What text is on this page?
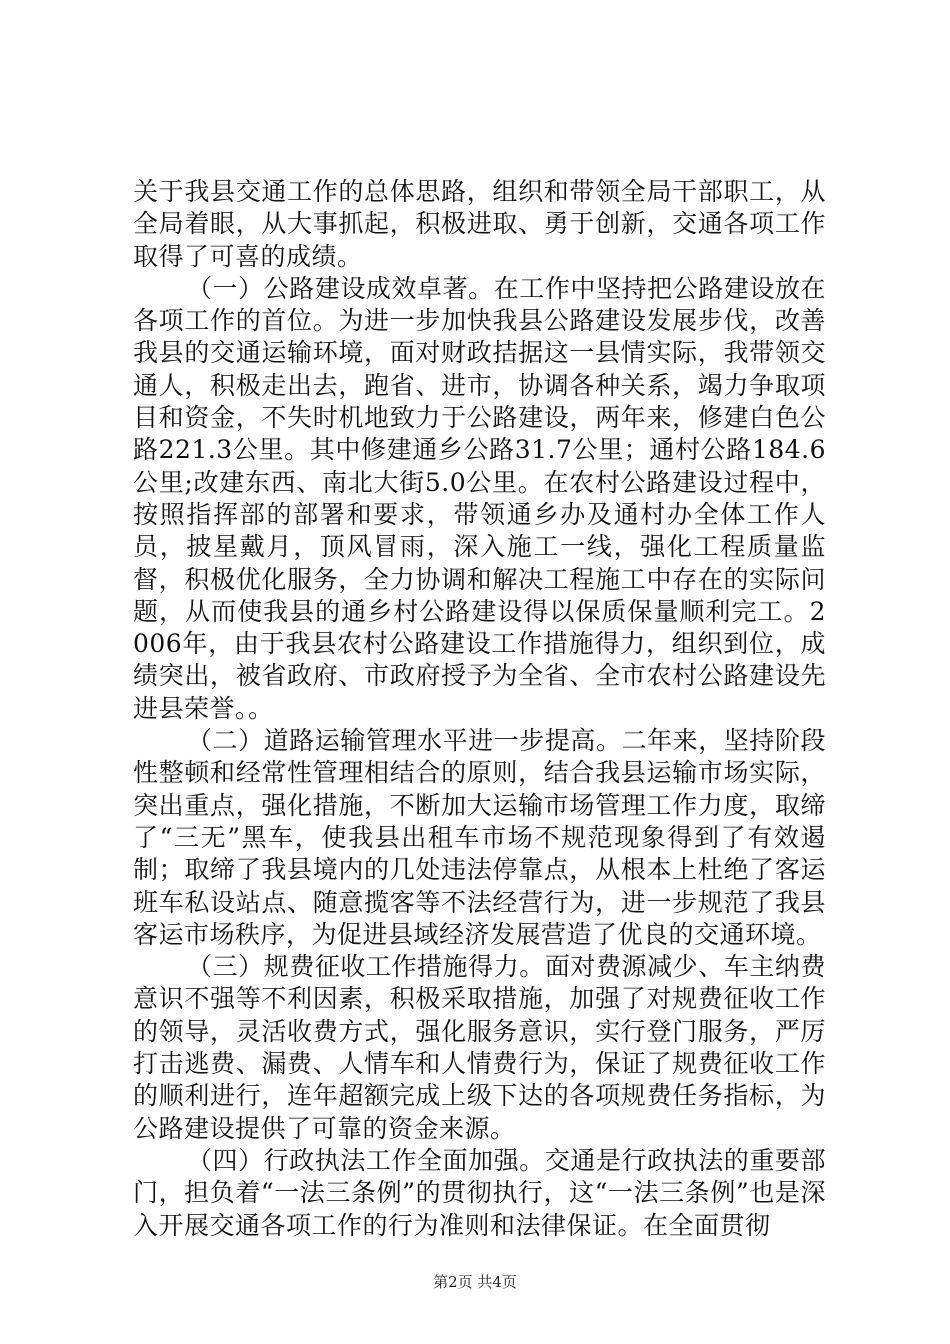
关于我县交通工作的总体思路，组织和带领全局干部职工，从全局着眼，从大事抓起，积极进取、勇于创新，交通各项工作取得了可喜的成绩。

（一）公路建设成效卓著。在工作中坚持把公路建设放在各项工作的首位。为进一步加快我县公路建设发展步伐，改善我县的交通运输环境，面对财政拮据这一县情实际，我带领交通人，积极走出去，跑省、进市，协调各种关系，竭力争取项目和资金，不失时机地致力于公路建设，两年来，修建白色公路221.3公里。其中修建通乡公路31.7公里；通村公路184.6公里;改建东西、南北大街5.0公里。在农村公路建设过程中，按照指挥部的部署和要求，带领通乡办及通村办全体工作人员，披星戴月，顶风冒雨，深入施工一线，强化工程质量监督，积极优化服务，全力协调和解决工程施工中存在的实际问题，从而使我县的通乡村公路建设得以保质保量顺利完工。2006年，由于我县农村公路建设工作措施得力，组织到位，成绩突出，被省政府、市政府授予为全省、全市农村公路建设先进县荣誉。。

（二）道路运输管理水平进一步提高。二年来，坚持阶段性整顿和经常性管理相结合的原则，结合我县运输市场实际，突出重点，强化措施，不断加大运输市场管理工作力度，取缔了“三无”黑车，使我县出租车市场不规范现象得到了有效遏制；取缔了我县境内的几处违法停靠点，从根本上杜绝了客运班车私设站点、随意揽客等不法经营行为，进一步规范了我县客运市场秩序，为促进县域经济发展营造了优良的交通环境。

（三）规费征收工作措施得力。面对费源减少、车主纳费意识不强等不利因素，积极采取措施，加强了对规费征收工作的领导，灵活收费方式，强化服务意识，实行登门服务，严厉打击逃费、漏费、人情车和人情费行为，保证了规费征收工作的顺利进行，连年超额完成上级下达的各项规费任务指标，为公路建设提供了可靠的资金来源。

（四）行政执法工作全面加强。交通是行政执法的重要部门，担负着“一法三条例”的贯彻执行，这“一法三条例”也是深入开展交通各项工作的行为准则和法律保证。在全面贯彻

第2页 共4页
